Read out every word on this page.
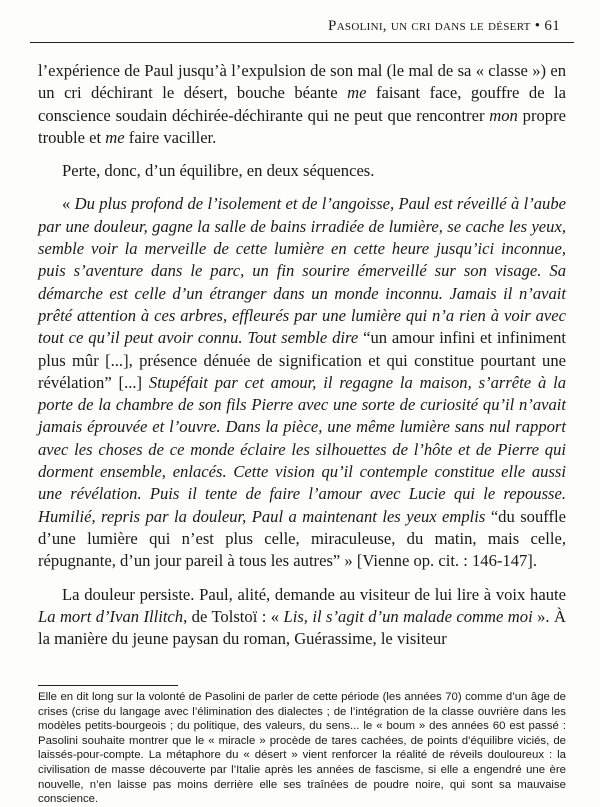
Pasolini, un cri dans le désert • 61

l’expérience de Paul jusqu’à l’expulsion de son mal (le mal de sa « classe ») en un cri déchirant le désert, bouche béante me faisant face, gouffre de la conscience soudain déchirée-déchirante qui ne peut que rencontrer mon propre trouble et me faire vaciller.

Perte, donc, d’un équilibre, en deux séquences.

« Du plus profond de l’isolement et de l’angoisse, Paul est réveillé à l’aube par une douleur, gagne la salle de bains irradiée de lumière, se cache les yeux, semble voir la merveille de cette lumière en cette heure jusqu’ici inconnue, puis s’aventure dans le parc, un fin sourire émerveillé sur son visage. Sa démarche est celle d’un étranger dans un monde inconnu. Jamais il n’avait prêté attention à ces arbres, effleurés par une lumière qui n’a rien à voir avec tout ce qu’il peut avoir connu. Tout semble dire “un amour infini et infiniment plus mûr [...], présence dénuée de signification et qui constitue pourtant une révélation” [...] Stupéfait par cet amour, il regagne la maison, s’arrête à la porte de la chambre de son fils Pierre avec une sorte de curiosité qu’il n’avait jamais éprouvée et l’ouvre. Dans la pièce, une même lumière sans nul rapport avec les choses de ce monde éclaire les silhouettes de l’hôte et de Pierre qui dorment ensemble, enlacés. Cette vision qu’il contemple constitue elle aussi une révélation. Puis il tente de faire l’amour avec Lucie qui le repousse. Humilié, repris par la douleur, Paul a maintenant les yeux emplis “du souffle d’une lumière qui n’est plus celle, miraculeuse, du matin, mais celle, répugnante, d’un jour pareil à tous les autres” » [Vienne op. cit. : 146-147].

La douleur persiste. Paul, alité, demande au visiteur de lui lire à voix haute La mort d’Ivan Illitch, de Tolstoï : « Lis, il s’agit d’un malade comme moi ». À la manière du jeune paysan du roman, Guérassime, le visiteur

Elle en dit long sur la volonté de Pasolini de parler de cette période (les années 70) comme d’un âge de crises (crise du langage avec l’élimination des dialectes ; de l’intégration de la classe ouvrière dans les modèles petits-bourgeois ; du politique, des valeurs, du sens... le « boum » des années 60 est passé : Pasolini souhaite montrer que le « miracle » procède de tares cachées, de points d’équilibre viciés, de laissés-pour-compte. La métaphore du « désert » vient renforcer la réalité de réveils douloureux : la civilisation de masse découverte par l’Italie après les années de fascisme, si elle a engendré une ère nouvelle, n’en laisse pas moins derrière elle ses traînées de poudre noire, qui sont sa mauvaise conscience.
